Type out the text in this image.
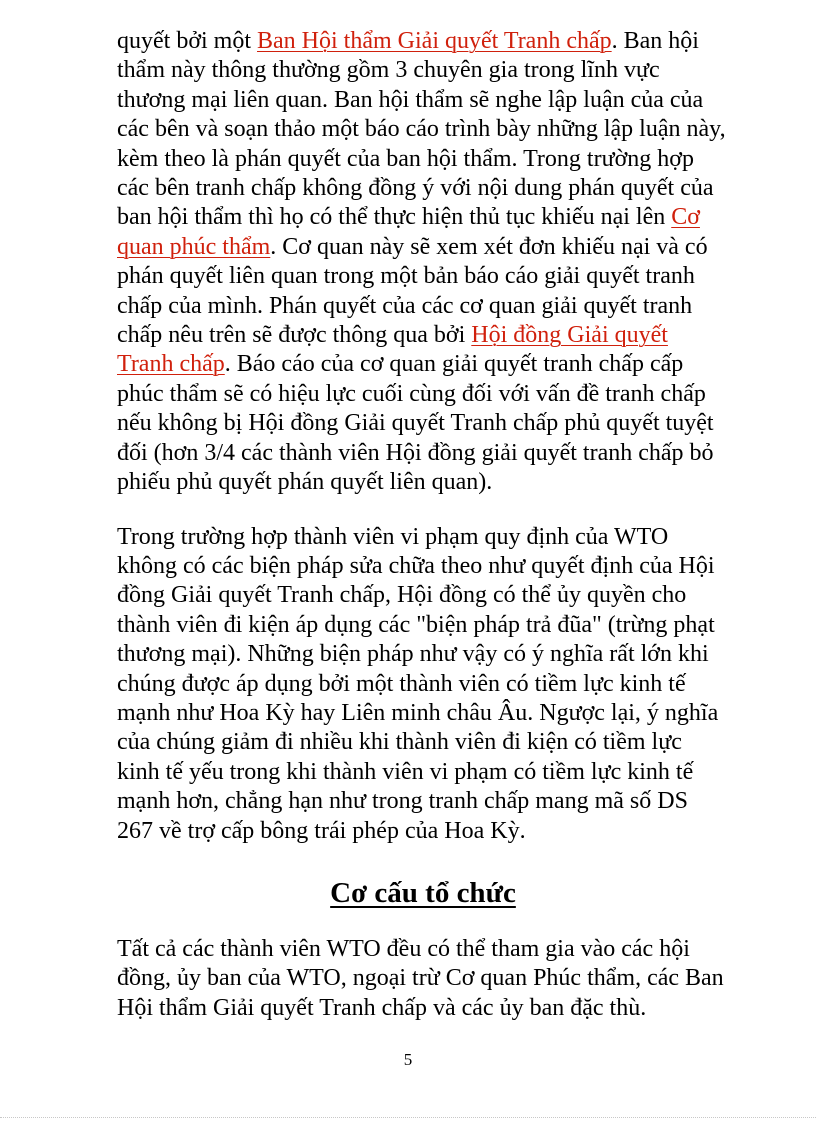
quyết bởi một Ban Hội thẩm Giải quyết Tranh chấp. Ban hội thẩm này thông thường gồm 3 chuyên gia trong lĩnh vực thương mại liên quan. Ban hội thẩm sẽ nghe lập luận của của các bên và soạn thảo một báo cáo trình bày những lập luận này, kèm theo là phán quyết của ban hội thẩm. Trong trường hợp các bên tranh chấp không đồng ý với nội dung phán quyết của ban hội thẩm thì họ có thể thực hiện thủ tục khiếu nại lên Cơ quan phúc thẩm. Cơ quan này sẽ xem xét đơn khiếu nại và có phán quyết liên quan trong một bản báo cáo giải quyết tranh chấp của mình. Phán quyết của các cơ quan giải quyết tranh chấp nêu trên sẽ được thông qua bởi Hội đồng Giải quyết Tranh chấp. Báo cáo của cơ quan giải quyết tranh chấp cấp phúc thẩm sẽ có hiệu lực cuối cùng đối với vấn đề tranh chấp nếu không bị Hội đồng Giải quyết Tranh chấp phủ quyết tuyệt đối (hơn 3/4 các thành viên Hội đồng giải quyết tranh chấp bỏ phiếu phủ quyết phán quyết liên quan).

Trong trường hợp thành viên vi phạm quy định của WTO không có các biện pháp sửa chữa theo như quyết định của Hội đồng Giải quyết Tranh chấp, Hội đồng có thể ủy quyền cho thành viên đi kiện áp dụng các "biện pháp trả đũa" (trừng phạt thương mại). Những biện pháp như vậy có ý nghĩa rất lớn khi chúng được áp dụng bởi một thành viên có tiềm lực kinh tế mạnh như Hoa Kỳ hay Liên minh châu Âu. Ngược lại, ý nghĩa của chúng giảm đi nhiều khi thành viên đi kiện có tiềm lực kinh tế yếu trong khi thành viên vi phạm có tiềm lực kinh tế mạnh hơn, chẳng hạn như trong tranh chấp mang mã số DS 267 về trợ cấp bông trái phép của Hoa Kỳ.

Cơ cấu tổ chức

Tất cả các thành viên WTO đều có thể tham gia vào các hội đồng, ủy ban của WTO, ngoại trừ Cơ quan Phúc thẩm, các Ban Hội thẩm Giải quyết Tranh chấp và các ủy ban đặc thù.

5
